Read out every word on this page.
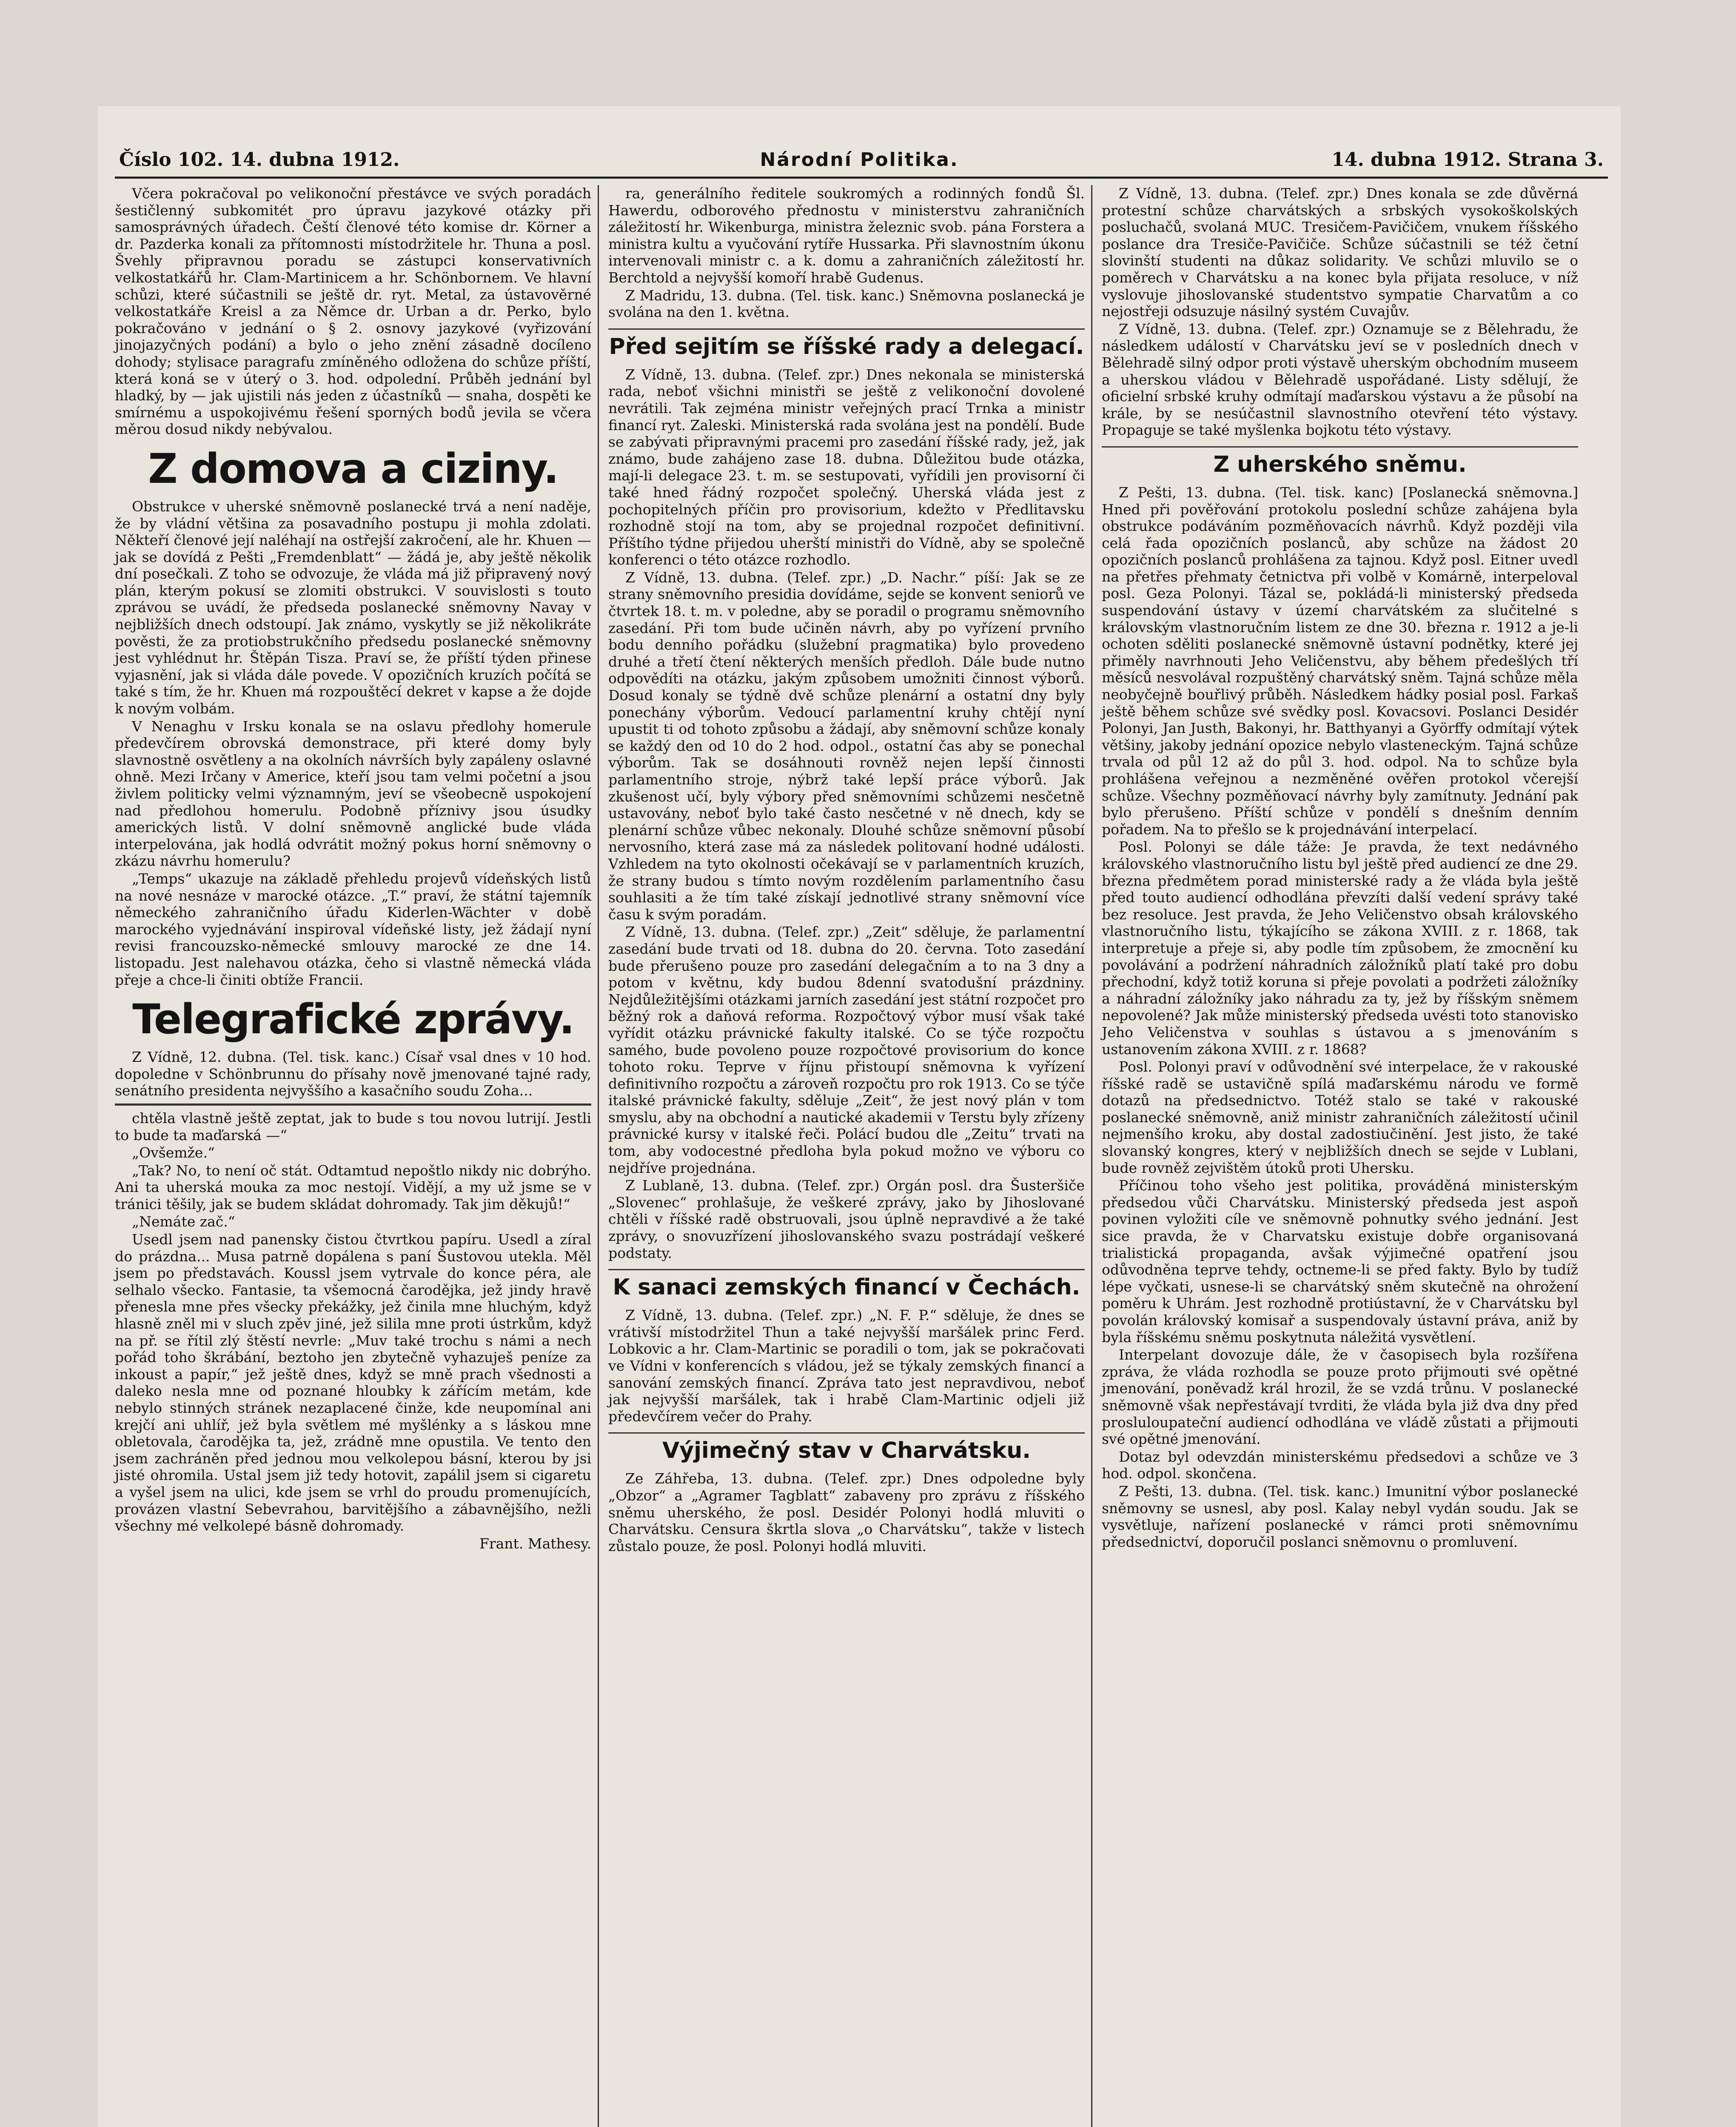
Číslo 102. 14. dubna 1912.	Národní Politika.	14. dubna 1912. Strana 3.

Včera pokračoval po velikonoční přestávce ve svých poradách šestičlenný subkomitét pro úpravu jazykové otázky při samosprávných úřadech. Čeští členové této komise dr. Körner a dr. Pazderka konali za přítomnosti místodržitele hr. Thuna a posl. Švehly připravnou poradu se zástupci konservativních velkostatkářů hr. Clam-Martinicem a hr. Schönbornem. Ve hlavní schůzi, které súčastnili se ještě dr. ryt. Metal, za ústavověrné velkostatkáře Kreisl a za Němce dr. Urban a dr. Perko, bylo pokračováno v jednání o § 2. osnovy jazykové (vyřizování jinojazyčných podání) a bylo o jeho znění zásadně docíleno dohody; stylisace paragrafu zmíněného odložena do schůze příští, která koná se v úterý o 3. hod. odpolední. Průběh jednání byl hladký, by — jak ujistili nás jeden z účastníků — snaha, dospěti ke smírnému a uspokojivému řešení sporných bodů jevila se včera měrou dosud nikdy nebývalou.

Z domova a ciziny.

Obstrukce v uherské sněmovně poslanecké trvá a není naděje, že by vládní většina za posavadního postupu ji mohla zdolati. Někteří členové její naléhají na ostřejší zakročení, ale hr. Khuen — jak se dovídá z Pešti „Fremdenblatt“ — žádá je, aby ještě několik dní posečkali. Z toho se odvozuje, že vláda má již připravený nový plán, kterým pokusí se zlomiti obstrukci. V souvislosti s touto zprávou se uvádí, že předseda poslanecké sněmovny Navay v nejbližších dnech odstoupí. Jak známo, vyskytly se již několikráte pověsti, že za protiobstrukčního předsedu poslanecké sněmovny jest vyhlédnut hr. Štěpán Tisza. Praví se, že příští týden přinese vyjasnění, jak si vláda dále povede. V opozičních kruzích počítá se také s tím, že hr. Khuen má rozpouštěcí dekret v kapse a že dojde k novým volbám.

V Nenaghu v Irsku konala se na oslavu předlohy homerule předevčírem obrovská demonstrace, při které domy byly slavnostně osvětleny a na okolních návrších byly zapáleny oslavné ohně. Mezi Irčany v Americe, kteří jsou tam velmi početní a jsou živlem politicky velmi významným, jeví se všeobecně uspokojení nad předlohou homerulu. Podobně příznivy jsou úsudky amerických listů. V dolní sněmovně anglické bude vláda interpelována, jak hodlá odvrátit možný pokus horní sněmovny o zkázu návrhu homerulu?

„Temps“ ukazuje na základě přehledu projevů vídeňských listů na nové nesnáze v marocké otázce. „T.“ praví, že státní tajemník německého zahraničního úřadu Kiderlen-Wächter v době marockého vyjednávání inspiroval vídeňské listy, jež žádají nyní revisi francouzsko-německé smlouvy marocké ze dne 14. listopadu. Jest nalehavou otázka, čeho si vlastně německá vláda přeje a chce-li činiti obtíže Francii.

Telegrafické zprávy.

Z Vídně, 12. dubna. (Tel. tisk. kanc.) Císař vsal dnes v 10 hod. dopoledne v Schönbrunnu do přísahy nově jmenované tajné rady, senátního presidenta nejvyššího a kasačního soudu Zoha...

chtěla vlastně ještě zeptat, jak to bude s tou novou lutrijí. Jestli to bude ta maďarská —“

„Ovšemže.“

„Tak? No, to není oč stát. Odtamtud nepoštlo nikdy nic dobrýho. Ani ta uherská mouka za moc nestojí. Vidějí, a my už jsme se v tránici těšily, jak se budem skládat dohromady. Tak jim děkujů!“

„Nemáte zač.“

Usedl jsem nad panensky čistou čtvrtkou papíru. Usedl a zíral do prázdna... Musa patrně dopálena s paní Šustovou utekla. Měl jsem po představách. Koussl jsem vytrvale do konce péra, ale selhalo všecko. Fantasie, ta všemocná čarodějka, jež jindy hravě přenesla mne přes všecky překážky, jež činila mne hluchým, když hlasně zněl mi v sluch zpěv jiné, jež silila mne proti ústrkům, když na př. se řítil zlý štěstí nevrle: „Muv také trochu s námi a nech pořád toho škrábání, beztoho jen zbytečně vyhazuješ peníze za inkoust a papír,“ jež ještě dnes, když se mně prach všednosti a daleko nesla mne od poznané hloubky k zářícím metám, kde nebylo stinných stránek nezaplacené činže, kde neupomínal ani krejčí ani uhlíř, jež byla světlem mé myšlénky a s láskou mne obletovala, čarodějka ta, jež, zrádně mne opustila. Ve tento den jsem zachráněn před jednou mou velkolepou básní, kterou by jsi jisté ohromila. Ustal jsem již tedy hotovit, zapálil jsem si cigaretu a vyšel jsem na ulici, kde jsem se vrhl do proudu promenujících, provázen vlastní Sebevrahou, barvitějšího a zábavnějšího, nežli všechny mé velkolepé básně dohromady.

Frant. Mathesy.

ra, generálního ředitele soukromých a rodinných fondů Šl. Hawerdu, odborového přednostu v ministerstvu zahraničních záležitostí hr. Wikenburga, ministra železnic svob. pána Forstera a ministra kultu a vyučování rytíře Hussarka. Při slavnostním úkonu intervenovali ministr c. a k. domu a zahraničních záležitostí hr. Berchtold a nejvyšší komoří hrabě Gudenus.

Z Madridu, 13. dubna. (Tel. tisk. kanc.) Sněmovna poslanecká je svolána na den 1. května.

Před sejitím se říšské rady a delegací.

Z Vídně, 13. dubna. (Telef. zpr.) Dnes nekonala se ministerská rada, neboť všichni ministři se ještě z velikonoční dovolené nevrátili. Tak zejména ministr veřejných prací Trnka a ministr financí ryt. Zaleski. Ministerská rada svolána jest na pondělí. Bude se zabývati připravnými pracemi pro zasedání říšské rady, jež, jak známo, bude zahájeno zase 18. dubna. Důležitou bude otázka, mají-li delegace 23. t. m. se sestupovati, vyřídili jen provisorní či také hned řádný rozpočet společný. Uherská vláda jest z pochopitelných příčin pro provisorium, kdežto v Předlitavsku rozhodně stojí na tom, aby se projednal rozpočet definitivní. Příštího týdne přijedou uherští ministři do Vídně, aby se společně konferenci o této otázce rozhodlo.

Z Vídně, 13. dubna. (Telef. zpr.) „D. Nachr.“ píší: Jak se ze strany sněmovního presidia dovídáme, sejde se konvent seniorů ve čtvrtek 18. t. m. v poledne, aby se poradil o programu sněmovního zasedání. Při tom bude učiněn návrh, aby po vyřízení prvního bodu denního pořádku (služební pragmatika) bylo provedeno druhé a třetí čtení některých menších předloh. Dále bude nutno odpovědíti na otázku, jakým způsobem umožniti činnost výborů. Dosud konaly se týdně dvě schůze plenární a ostatní dny byly ponechány výborům. Vedoucí parlamentní kruhy chtějí nyní upustit ti od tohoto způsobu a žádají, aby sněmovní schůze konaly se každý den od 10 do 2 hod. odpol., ostatní čas aby se ponechal výborům. Tak se dosáhnouti rovněž nejen lepší činnosti parlamentního stroje, nýbrž také lepší práce výborů. Jak zkušenost učí, byly výbory před sněmovními schůzemi nesčetně ustavovány, neboť bylo také často nesčetné v ně dnech, kdy se plenární schůze vůbec nekonaly. Dlouhé schůze sněmovní působí nervosního, která zase má za následek politovaní hodné události. Vzhledem na tyto okolnosti očekávají se v parlamentních kruzích, že strany budou s tímto novým rozdělením parlamentního času souhlasiti a že tím také získají jednotlivé strany sněmovní více času k svým poradám.

Z Vídně, 13. dubna. (Telef. zpr.) „Zeit“ sděluje, že parlamentní zasedání bude trvati od 18. dubna do 20. června. Toto zasedání bude přerušeno pouze pro zasedání delegačním a to na 3 dny a potom v květnu, kdy budou 8denní svatodušní prázdniny. Nejdůležitějšími otázkami jarních zasedání jest státní rozpočet pro běžný rok a daňová reforma. Rozpočtový výbor musí však také vyřídit otázku právnické fakulty italské. Co se týče rozpočtu samého, bude povoleno pouze rozpočtové provisorium do konce tohoto roku. Teprve v říjnu přistoupí sněmovna k vyřízení definitivního rozpočtu a zároveň rozpočtu pro rok 1913. Co se týče italské právnické fakulty, sděluje „Zeit“, že jest nový plán v tom smyslu, aby na obchodní a nautické akademii v Terstu byly zřízeny právnické kursy v italské řeči. Polácí budou dle „Zeitu“ trvati na tom, aby vodocestné předloha byla pokud možno ve výboru co nejdříve projednána.

Z Lublaně, 13. dubna. (Telef. zpr.) Orgán posl. dra Šusteršiče „Slovenec“ prohlašuje, že veškeré zprávy, jako by Jihoslované chtěli v říšské radě obstruovali, jsou úplně nepravdivé a že také zprávy, o snovuzřízení jihoslovanského svazu postrádají veškeré podstaty.

K sanaci zemských financí v Čechách.

Z Vídně, 13. dubna. (Telef. zpr.) „N. F. P.“ sděluje, že dnes se vrátivší místodržitel Thun a také nejvyšší maršálek princ Ferd. Lobkovic a hr. Clam-Martinic se poradili o tom, jak se pokračovati ve Vídni v konferencích s vládou, jež se týkaly zemských financí a sanování zemských financí. Zpráva tato jest nepravdivou, neboť jak nejvyšší maršálek, tak i hrabě Clam-Martinic odjeli již předevčírem večer do Prahy.

Výjimečný stav v Charvátsku.

Ze Záhřeba, 13. dubna. (Telef. zpr.) Dnes odpoledne byly „Obzor“ a „Agramer Tagblatt“ zabaveny pro zprávu z říšského sněmu uherského, že posl. Desidér Polonyi hodlá mluviti o Charvátsku. Censura škrtla slova „o Charvátsku“, takže v listech zůstalo pouze, že posl. Polonyi hodlá mluviti.

Z Vídně, 13. dubna. (Telef. zpr.) Dnes konala se zde důvěrná protestní schůze charvátských a srbských vysokoškolských posluchačů, svolaná MUC. Tresičem-Pavičičem, vnukem říšského poslance dra Tresiče-Pavičiče. Schůze súčastnili se též četní slovinští studenti na důkaz solidarity. Ve schůzi mluvilo se o poměrech v Charvátsku a na konec byla přijata resoluce, v níž vyslovuje jihoslovanské studentstvo sympatie Charvatům a co nejostřeji odsuzuje násilný systém Cuvajův.

Z Vídně, 13. dubna. (Telef. zpr.) Oznamuje se z Bělehradu, že následkem událostí v Charvátsku jeví se v posledních dnech v Bělehradě silný odpor proti výstavě uherským obchodním museem a uherskou vládou v Bělehradě uspořádané. Listy sdělují, že oficielní srbské kruhy odmítají maďarskou výstavu a že působí na krále, by se nesúčastnil slavnostního otevření této výstavy. Propaguje se také myšlenka bojkotu této výstavy.

Z uherského sněmu.

Z Pešti, 13. dubna. (Tel. tisk. kanc) [Poslanecká sněmovna.] Hned při pověřování protokolu poslední schůze zahájena byla obstrukce podáváním pozměňovacích návrhů. Když později vila celá řada opozičních poslanců, aby schůze na žádost 20 opozičních poslanců prohlášena za tajnou. Když posl. Eitner uvedl na přetřes přehmaty četnictva při volbě v Komárně, interpeloval posl. Geza Polonyi. Tázal se, pokládá-li ministerský předseda suspendování ústavy v území charvátském za slučitelné s královským vlastnoručním listem ze dne 30. března r. 1912 a je-li ochoten sděliti poslanecké sněmovně ústavní podnětky, které jej přiměly navrhnouti Jeho Veličenstvu, aby během předešlých tří měsíců nesvolával rozpuštěný charvátský sněm. Tajná schůze měla neobyčejně bouřlivý průběh. Následkem hádky posial posl. Farkaš ještě během schůze své svědky posl. Kovacsovi. Poslanci Desidér Polonyi, Jan Justh, Bakonyi, hr. Batthyanyi a Györffy odmítají výtek většiny, jakoby jednání opozice nebylo vlasteneckým. Tajná schůze trvala od půl 12 až do půl 3. hod. odpol. Na to schůze byla prohlášena veřejnou a nezměněné ověřen protokol včerejší schůze. Všechny pozměňovací návrhy byly zamítnuty. Jednání pak bylo přerušeno. Příští schůze v pondělí s dnešním denním pořadem. Na to přešlo se k projednávání interpelací.

Posl. Polonyi se dále táže: Je pravda, že text nedávného královského vlastnoručního listu byl ještě před audiencí ze dne 29. března předmětem porad ministerské rady a že vláda byla ještě před touto audiencí odhodlána převzíti další vedení správy také bez resoluce. Jest pravda, že Jeho Veličenstvo obsah královského vlastnoručního listu, týkajícího se zákona XVIII. z r. 1868, tak interpretuje a přeje si, aby podle tím způsobem, že zmocnění ku povolávání a podržení náhradních záložníků platí také pro dobu přechodní, když totiž koruna si přeje povolati a podržeti záložníky a náhradní záložníky jako náhradu za ty, jež by říšským sněmem nepovolené? Jak může ministerský předseda uvésti toto stanovisko Jeho Veličenstva v souhlas s ústavou a s jmenováním s ustanovením zákona XVIII. z r. 1868?

Posl. Polonyi praví v odůvodnění své interpelace, že v rakouské říšské radě se ustavičně spílá maďarskému národu ve formě dotazů na předsednictvo. Totéž stalo se také v rakouské poslanecké sněmovně, aniž ministr zahraničních záležitostí učinil nejmenšího kroku, aby dostal zadostiučinění. Jest jisto, že také slovanský kongres, který v nejbližších dnech se sejde v Lublani, bude rovněž zejvištěm útoků proti Uhersku.

Příčinou toho všeho jest politika, prováděná ministerským předsedou vůči Charvátsku. Ministerský předseda jest aspoň povinen vyložiti cíle ve sněmovně pohnutky svého jednání. Jest sice pravda, že v Charvatsku existuje dobře organisovaná trialistická propaganda, avšak výjimečné opatření jsou odůvodněna teprve tehdy, octneme-li se před fakty. Bylo by tudíž lépe vyčkati, usnese-li se charvátský sněm skutečně na ohrožení poměru k Uhrám. Jest rozhodně protiústavní, že v Charvátsku byl povolán královský komisař a suspendovaly ústavní práva, aniž by byla říšskému sněmu poskytnuta náležitá vysvětlení.

Interpelant dovozuje dále, že v časopisech byla rozšířena zpráva, že vláda rozhodla se pouze proto přijmouti své opětné jmenování, poněvadž král hrozil, že se vzdá trůnu. V poslanecké sněmovně však nepřestávají tvrditi, že vláda byla již dva dny před prosluloupateční audiencí odhodlána ve vládě zůstati a přijmouti své opětné jmenování.

Dotaz byl odevzdán ministerskému předsedovi a schůze ve 3 hod. odpol. skončena.

Z Pešti, 13. dubna. (Tel. tisk. kanc.) Imunitní výbor poslanecké sněmovny se usnesl, aby posl. Kalay nebyl vydán soudu. Jak se vysvětluje, nařízení poslanecké v rámci proti sněmovnímu předsednictví, doporučil poslanci sněmovnu o promluvení.
